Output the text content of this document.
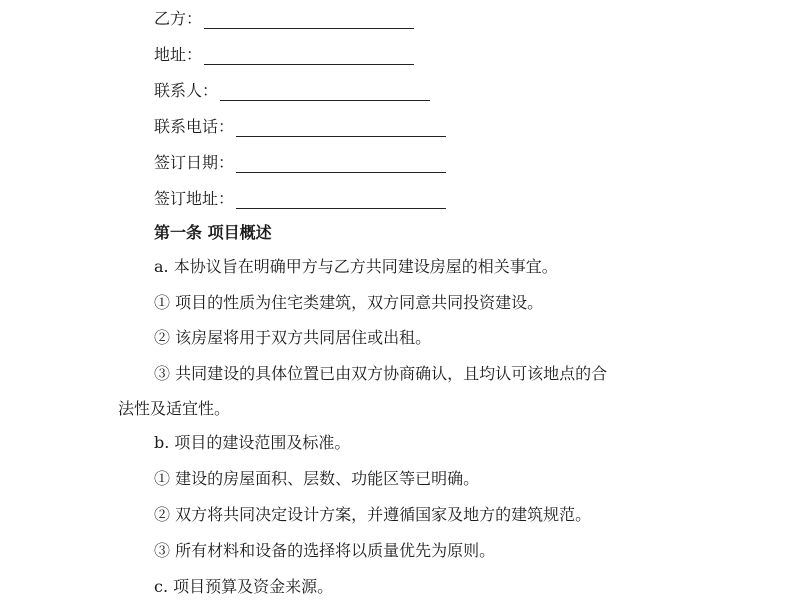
乙方：
地址：
联系人：
联系电话：
签订日期：
签订地址：
第一条 项目概述
a. 本协议旨在明确甲方与乙方共同建设房屋的相关事宜。
① 项目的性质为住宅类建筑，双方同意共同投资建设。
② 该房屋将用于双方共同居住或出租。
③ 共同建设的具体位置已由双方协商确认，且均认可该地点的合
法性及适宜性。
b. 项目的建设范围及标准。
① 建设的房屋面积、层数、功能区等已明确。
② 双方将共同决定设计方案，并遵循国家及地方的建筑规范。
③ 所有材料和设备的选择将以质量优先为原则。
c. 项目预算及资金来源。
